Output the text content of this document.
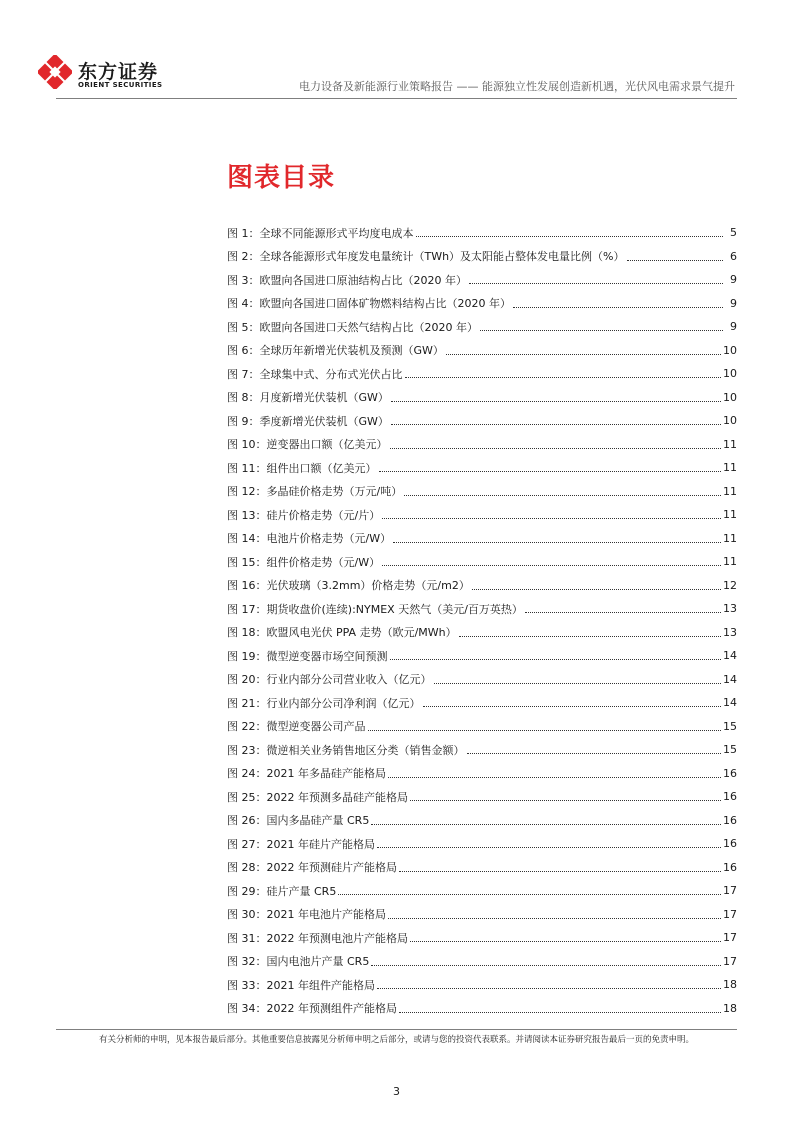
东方证券
ORIENT SECURITIES	电力设备及新能源行业策略报告 —— 能源独立性发展创造新机遇，光伏风电需求景气提升
图表目录
图 1：全球不同能源形式平均度电成本	5
图 2：全球各能源形式年度发电量统计（TWh）及太阳能占整体发电量比例（%）	6
图 3：欧盟向各国进口原油结构占比（2020 年）	9
图 4：欧盟向各国进口固体矿物燃料结构占比（2020 年）	9
图 5：欧盟向各国进口天然气结构占比（2020 年）	9
图 6：全球历年新增光伏装机及预测（GW）	10
图 7：全球集中式、分布式光伏占比	10
图 8：月度新增光伏装机（GW）	10
图 9：季度新增光伏装机（GW）	10
图 10：逆变器出口额（亿美元）	11
图 11：组件出口额（亿美元）	11
图 12：多晶硅价格走势（万元/吨）	11
图 13：硅片价格走势（元/片）	11
图 14：电池片价格走势（元/W）	11
图 15：组件价格走势（元/W）	11
图 16：光伏玻璃（3.2mm）价格走势（元/m2）	12
图 17：期货收盘价(连续):NYMEX 天然气（美元/百万英热）	13
图 18：欧盟风电光伏 PPA 走势（欧元/MWh）	13
图 19：微型逆变器市场空间预测	14
图 20：行业内部分公司营业收入（亿元）	14
图 21：行业内部分公司净利润（亿元）	14
图 22：微型逆变器公司产品	15
图 23：微逆相关业务销售地区分类（销售金额）	15
图 24：2021 年多晶硅产能格局	16
图 25：2022 年预测多晶硅产能格局	16
图 26：国内多晶硅产量 CR5	16
图 27：2021 年硅片产能格局	16
图 28：2022 年预测硅片产能格局	16
图 29：硅片产量 CR5	17
图 30：2021 年电池片产能格局	17
图 31：2022 年预测电池片产能格局	17
图 32：国内电池片产量 CR5	17
图 33：2021 年组件产能格局	18
图 34：2022 年预测组件产能格局	18
有关分析师的申明，见本报告最后部分。其他重要信息披露见分析师申明之后部分，或请与您的投资代表联系。并请阅读本证券研究报告最后一页的免责申明。
3
